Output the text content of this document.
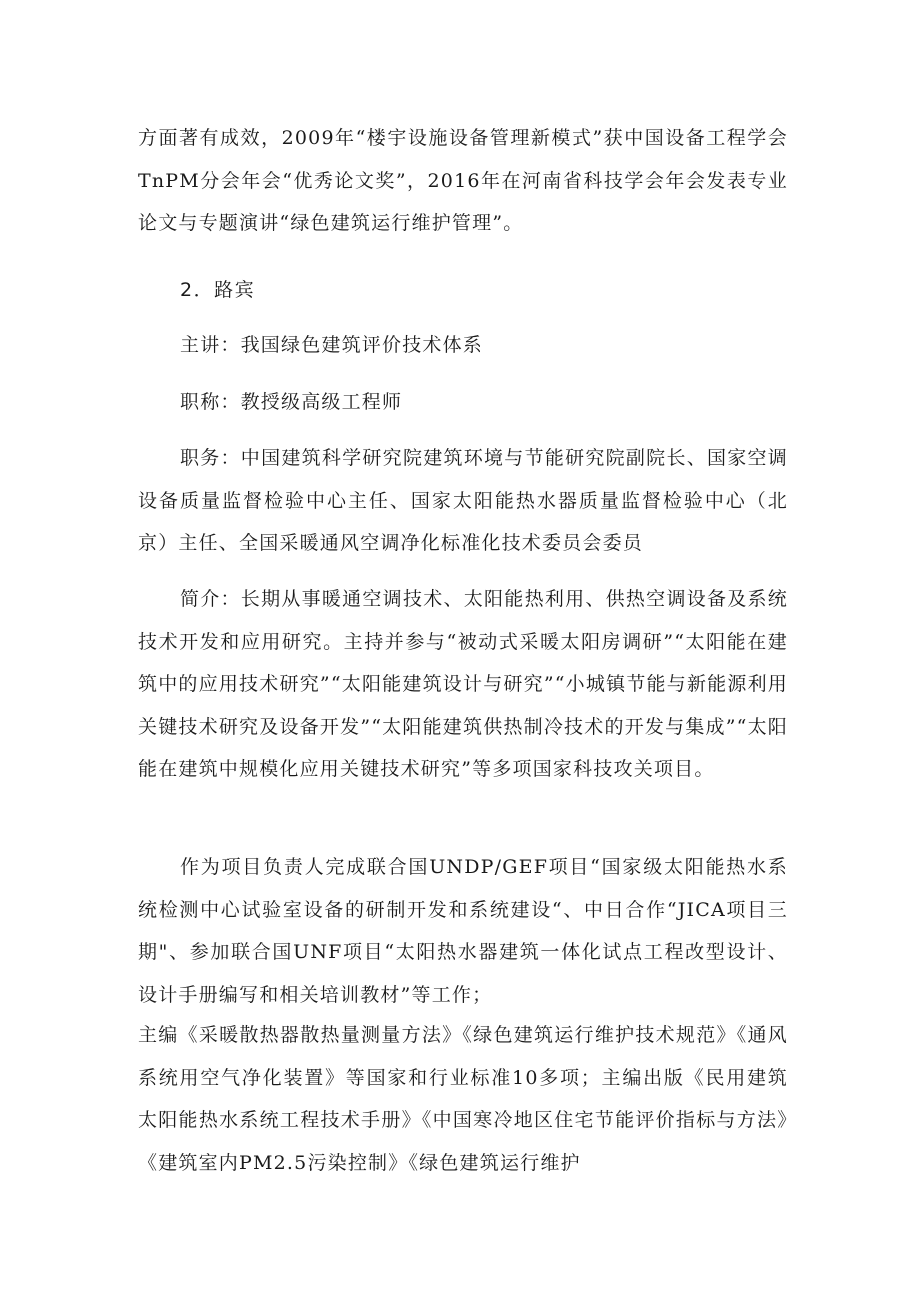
方面著有成效，2009年“楼宇设施设备管理新模式”获中国设备工程学会TnPM分会年会“优秀论文奖”，2016年在河南省科技学会年会发表专业论文与专题演讲“绿色建筑运行维护管理”。

2．路宾

主讲：我国绿色建筑评价技术体系

职称：教授级高级工程师

职务：中国建筑科学研究院建筑环境与节能研究院副院长、国家空调设备质量监督检验中心主任、国家太阳能热水器质量监督检验中心（北京）主任、全国采暖通风空调净化标准化技术委员会委员

简介：长期从事暖通空调技术、太阳能热利用、供热空调设备及系统技术开发和应用研究。主持并参与“被动式采暖太阳房调研”“太阳能在建筑中的应用技术研究”“太阳能建筑设计与研究”“小城镇节能与新能源利用关键技术研究及设备开发”“太阳能建筑供热制冷技术的开发与集成”“太阳能在建筑中规模化应用关键技术研究”等多项国家科技攻关项目。

作为项目负责人完成联合国UNDP/GEF项目“国家级太阳能热水系统检测中心试验室设备的研制开发和系统建设“、中日合作“JICA项目三期"、参加联合国UNF项目“太阳热水器建筑一体化试点工程改型设计、设计手册编写和相关培训教材”等工作；

主编《采暖散热器散热量测量方法》《绿色建筑运行维护技术规范》《通风系统用空气净化装置》等国家和行业标准10多项；主编出版《民用建筑太阳能热水系统工程技术手册》《中国寒冷地区住宅节能评价指标与方法》《建筑室内PM2.5污染控制》《绿色建筑运行维护
